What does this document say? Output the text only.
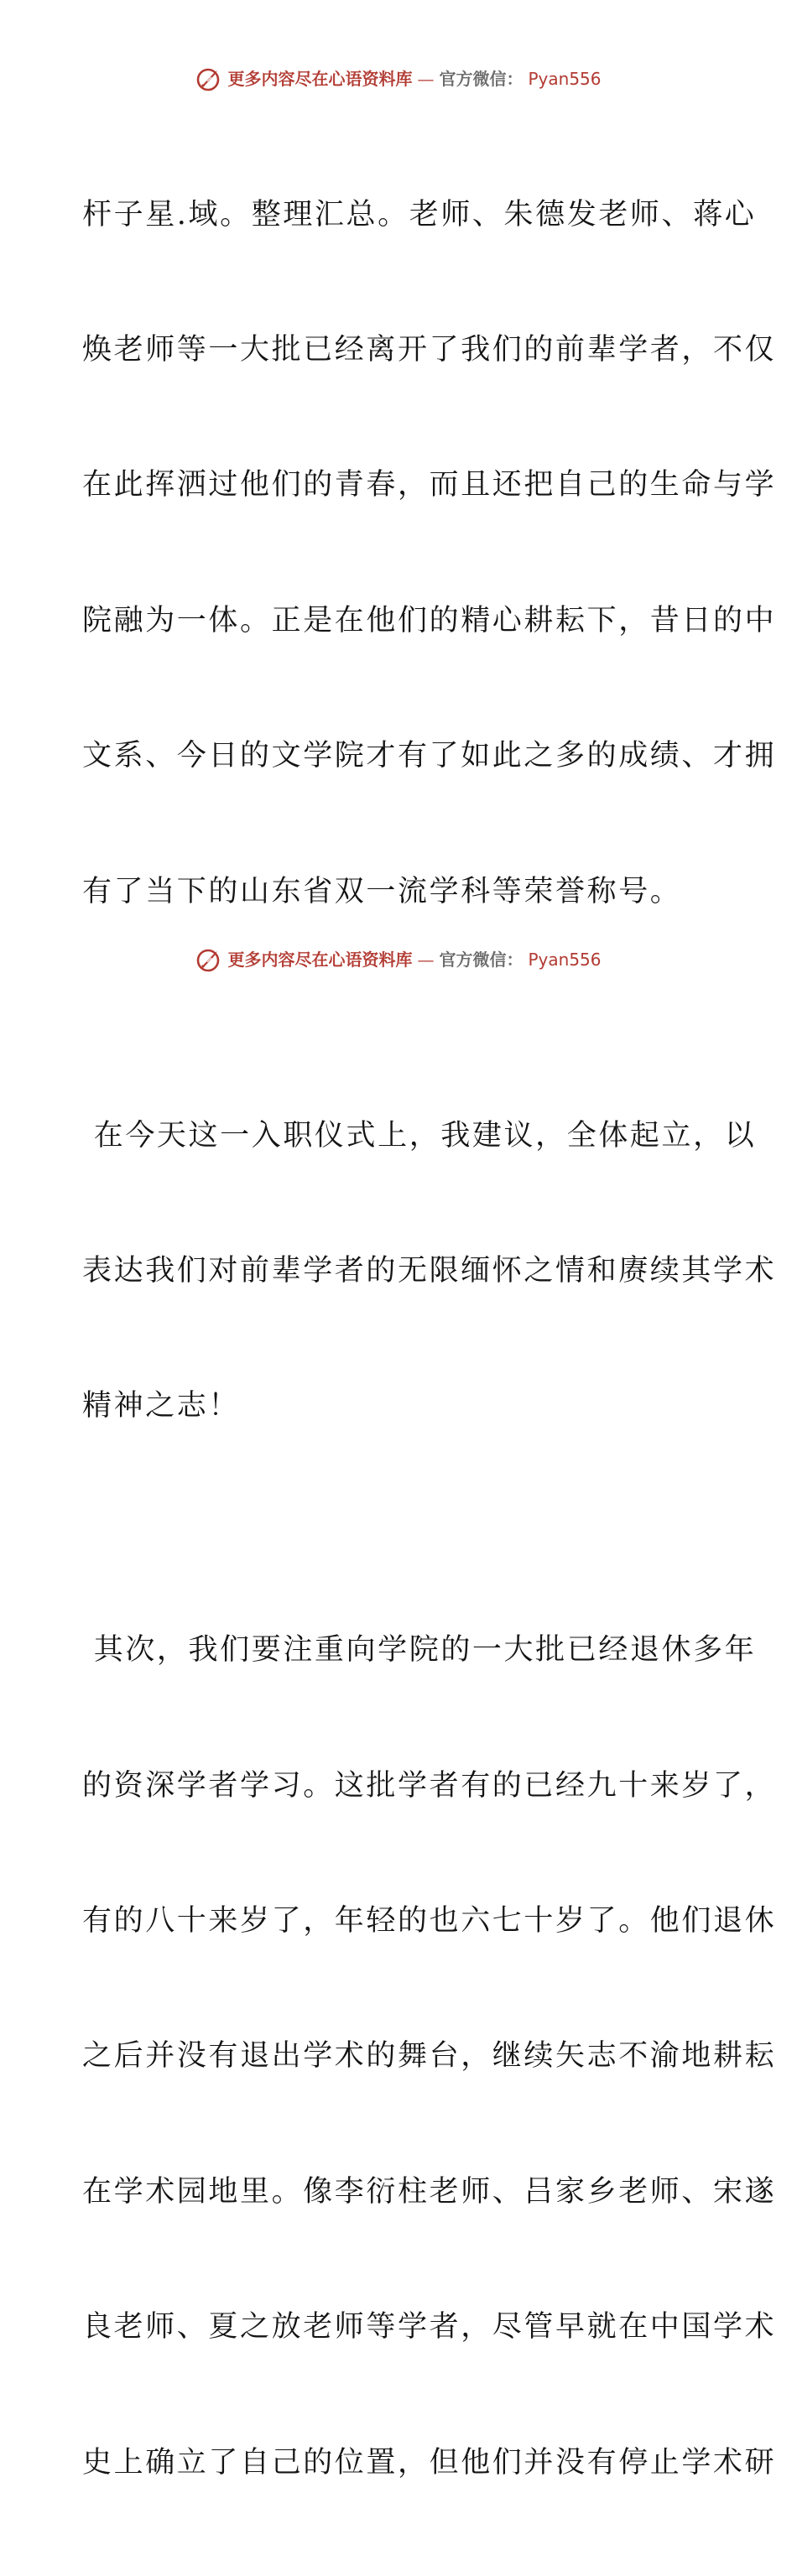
更多内容尽在心语资料库 — 官方微信： Pyan556

杆子星.域。整理汇总。老师、朱德发老师、蒋心

焕老师等一大批已经离开了我们的前辈学者，不仅

在此挥洒过他们的青春，而且还把自己的生命与学

院融为一体。正是在他们的精心耕耘下，昔日的中

文系、今日的文学院才有了如此之多的成绩、才拥

有了当下的山东省双一流学科等荣誉称号。

在今天这一入职仪式上，我建议，全体起立，以

表达我们对前辈学者的无限缅怀之情和赓续其学术

精神之志！

其次，我们要注重向学院的一大批已经退休多年

的资深学者学习。这批学者有的已经九十来岁了，

有的八十来岁了，年轻的也六七十岁了。他们退休

之后并没有退出学术的舞台，继续矢志不渝地耕耘

在学术园地里。像李衍柱老师、吕家乡老师、宋遂

良老师、夏之放老师等学者，尽管早就在中国学术

史上确立了自己的位置，但他们并没有停止学术研

更多内容尽在心语资料库 — 官方微信： Pyan556
